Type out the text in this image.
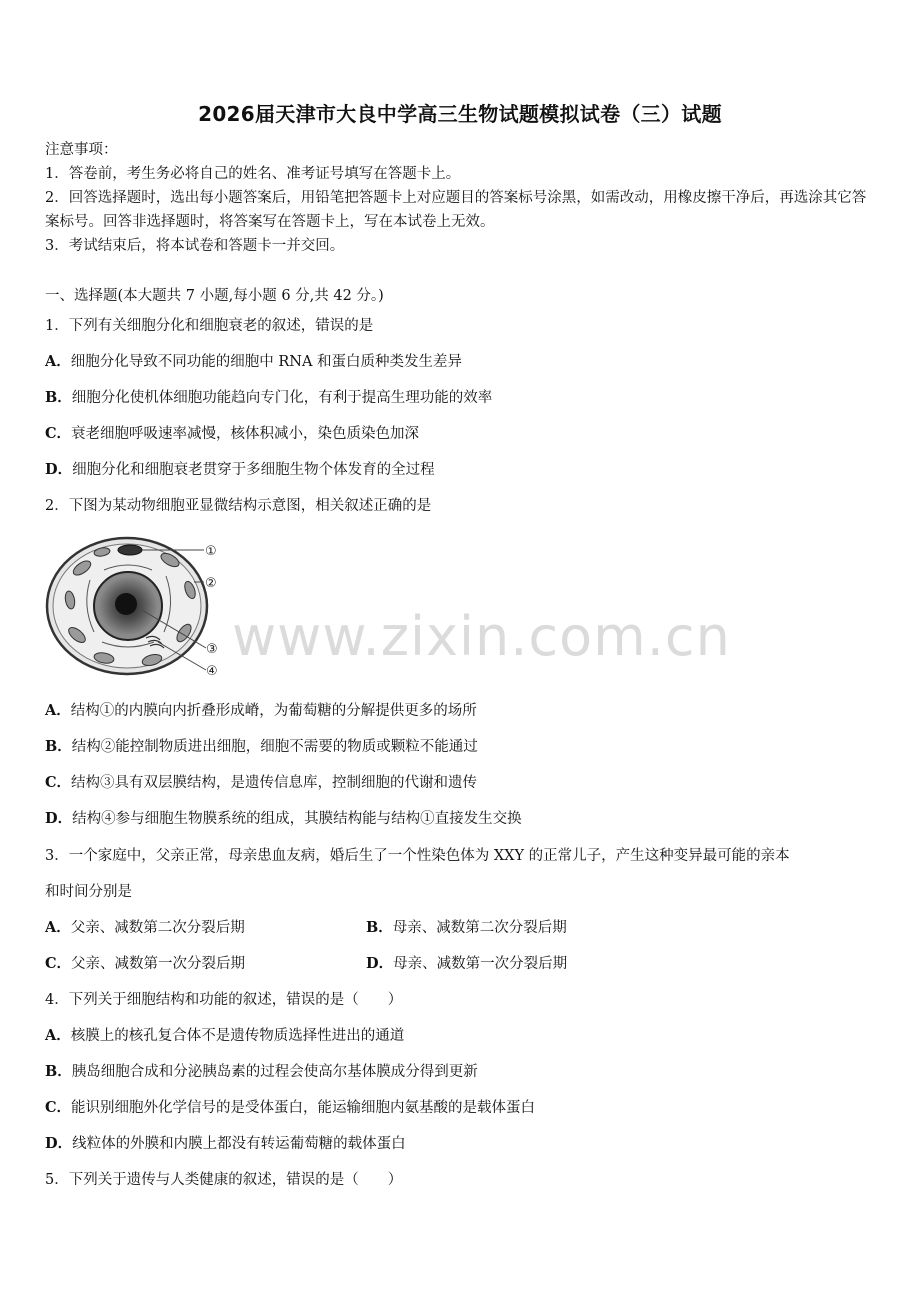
2026届天津市大良中学高三生物试题模拟试卷（三）试题
注意事项：
1．答卷前，考生务必将自己的姓名、准考证号填写在答题卡上。
2．回答选择题时，选出每小题答案后，用铅笔把答题卡上对应题目的答案标号涂黑，如需改动，用橡皮擦干净后，再选涂其它答案标号。回答非选择题时，将答案写在答题卡上，写在本试卷上无效。
3．考试结束后，将本试卷和答题卡一并交回。
一、选择题(本大题共 7 小题,每小题 6 分,共 42 分。)
1．下列有关细胞分化和细胞衰老的叙述，错误的是
A．细胞分化导致不同功能的细胞中 RNA 和蛋白质种类发生差异
B．细胞分化使机体细胞功能趋向专门化，有利于提高生理功能的效率
C．衰老细胞呼吸速率减慢，核体积减小，染色质染色加深
D．细胞分化和细胞衰老贯穿于多细胞生物个体发育的全过程
2．下图为某动物细胞亚显微结构示意图，相关叙述正确的是
①
②
③
④
www.zixin.com.cn
A．结构①的内膜向内折叠形成嵴，为葡萄糖的分解提供更多的场所
B．结构②能控制物质进出细胞，细胞不需要的物质或颗粒不能通过
C．结构③具有双层膜结构，是遗传信息库，控制细胞的代谢和遗传
D．结构④参与细胞生物膜系统的组成，其膜结构能与结构①直接发生交换
3．一个家庭中，父亲正常，母亲患血友病，婚后生了一个性染色体为 XXY 的正常儿子，产生这种变异最可能的亲本
和时间分别是
A．父亲、减数第二次分裂后期	B．母亲、减数第二次分裂后期
C．父亲、减数第一次分裂后期	D．母亲、减数第一次分裂后期
4．下列关于细胞结构和功能的叙述，错误的是（　　）
A．核膜上的核孔复合体不是遗传物质选择性进出的通道
B．胰岛细胞合成和分泌胰岛素的过程会使高尔基体膜成分得到更新
C．能识别细胞外化学信号的是受体蛋白，能运输细胞内氨基酸的是载体蛋白
D．线粒体的外膜和内膜上都没有转运葡萄糖的载体蛋白
5．下列关于遗传与人类健康的叙述，错误的是（　　）
